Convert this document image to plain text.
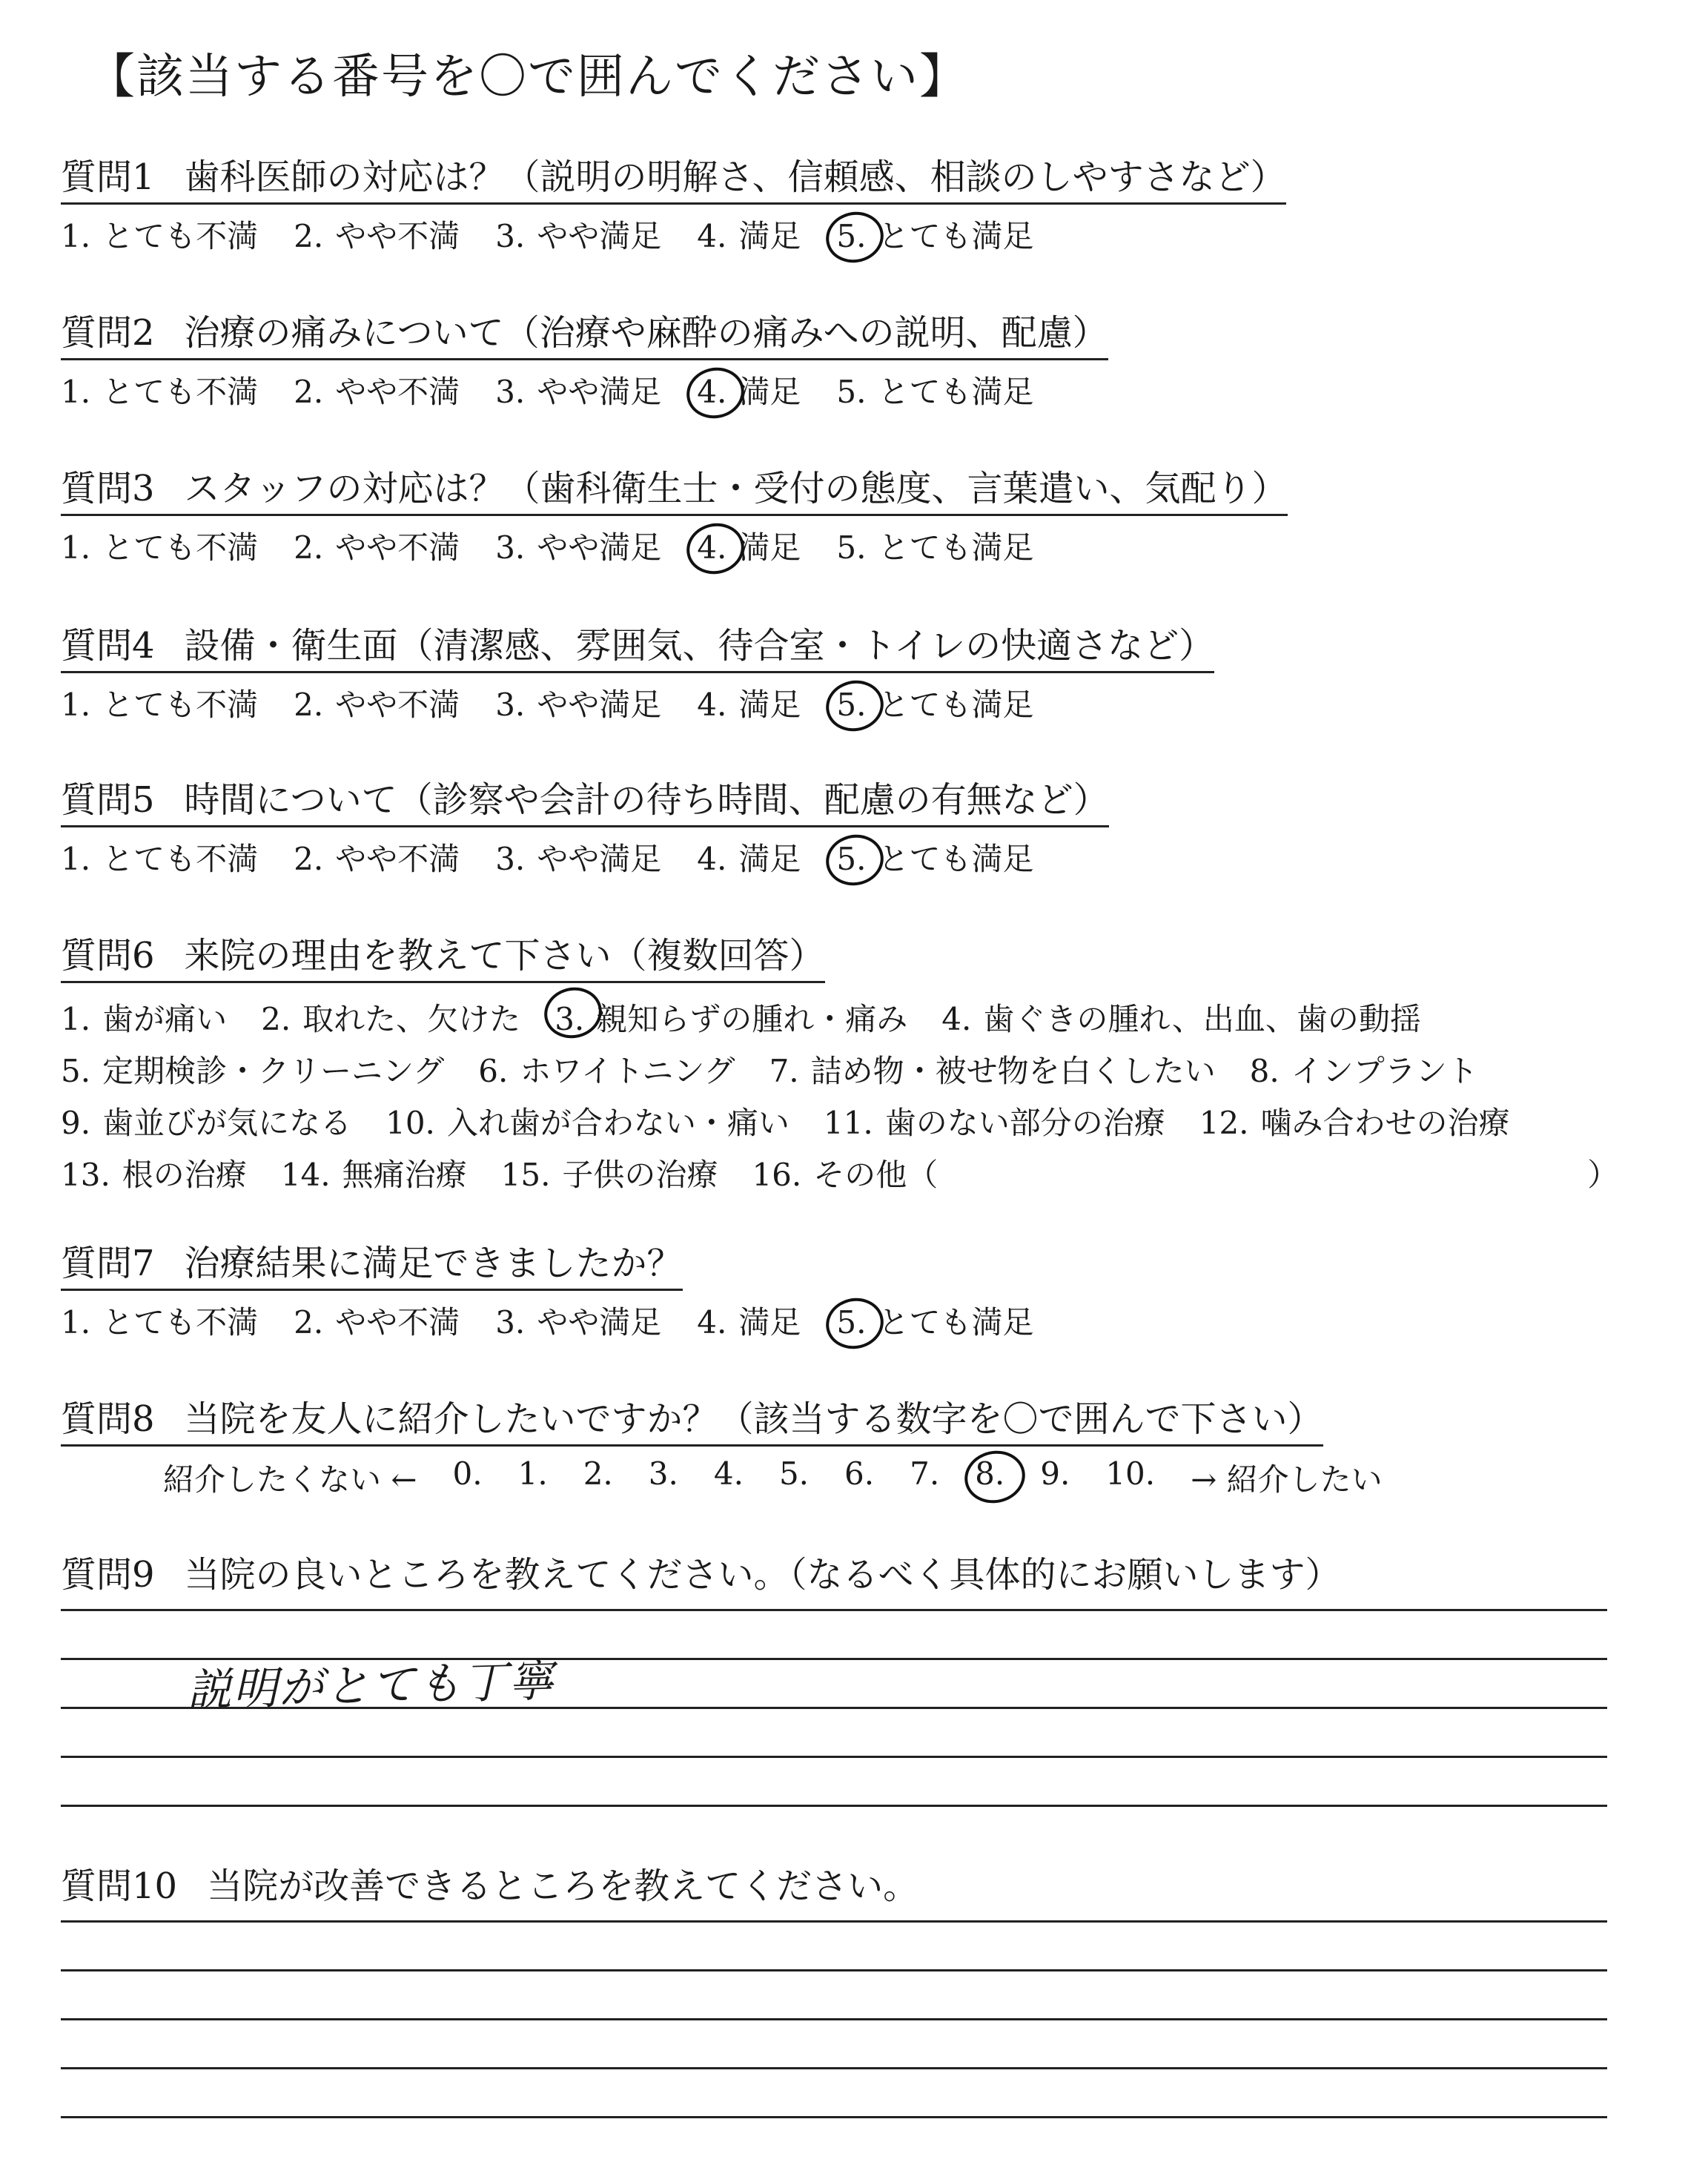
【該当する番号を〇で囲んでください】
質問1 歯科医師の対応は？（説明の明解さ、信頼感、相談のしやすさなど）
1. とても不満 2. やや不満 3. やや満足 4. 満足 5. とても満足
質問2 治療の痛みについて（治療や麻酔の痛みへの説明、配慮）
1. とても不満 2. やや不満 3. やや満足 4. 満足 5. とても満足
質問3 スタッフの対応は？（歯科衛生士・受付の態度、言葉遣い、気配り）
1. とても不満 2. やや不満 3. やや満足 4. 満足 5. とても満足
質問4 設備・衛生面（清潔感、雰囲気、待合室・トイレの快適さなど）
1. とても不満 2. やや不満 3. やや満足 4. 満足 5. とても満足
質問5 時間について（診察や会計の待ち時間、配慮の有無など）
1. とても不満 2. やや不満 3. やや満足 4. 満足 5. とても満足
質問6 来院の理由を教えて下さい（複数回答）
1. 歯が痛い 2. 取れた、欠けた 3. 親知らずの腫れ・痛み 4. 歯ぐきの腫れ、出血、歯の動揺
5. 定期検診・クリーニング 6. ホワイトニング 7. 詰め物・被せ物を白くしたい 8. インプラント
9. 歯並びが気になる 10. 入れ歯が合わない・痛い 11. 歯のない部分の治療 12. 噛み合わせの治療
13. 根の治療 14. 無痛治療 15. 子供の治療 16. その他（	）
質問7 治療結果に満足できましたか？
1. とても不満 2. やや不満 3. やや満足 4. 満足 5. とても満足
質問8 当院を友人に紹介したいですか？（該当する数字を〇で囲んで下さい）
紹介したくない ← 0. 1. 2. 3. 4. 5. 6. 7. 8. 9. 10. → 紹介したい
質問9 当院の良いところを教えてください。（なるべく具体的にお願いします）
説明がとても丁寧
質問10 当院が改善できるところを教えてください。
